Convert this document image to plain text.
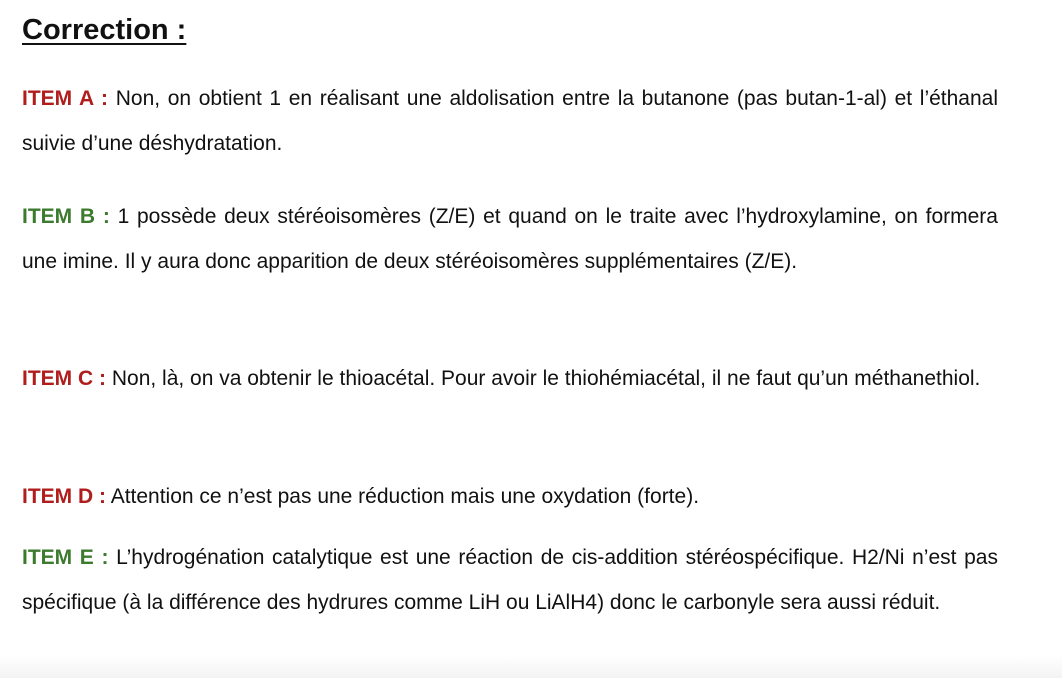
Correction :

ITEM A : Non, on obtient 1 en réalisant une aldolisation entre la butanone (pas butan-1-al) et l’éthanal suivie d’une déshydratation.

ITEM B : 1 possède deux stéréoisomères (Z/E) et quand on le traite avec l’hydroxylamine, on formera une imine. Il y aura donc apparition de deux stéréoisomères supplémentaires (Z/E).

ITEM C : Non, là, on va obtenir le thioacétal. Pour avoir le thiohémiacétal, il ne faut qu’un méthanethiol.

ITEM D : Attention ce n’est pas une réduction mais une oxydation (forte).

ITEM E : L’hydrogénation catalytique est une réaction de cis-addition stéréospécifique. H2/Ni n’est pas spécifique (à la différence des hydrures comme LiH ou LiAlH4) donc le carbonyle sera aussi réduit.
